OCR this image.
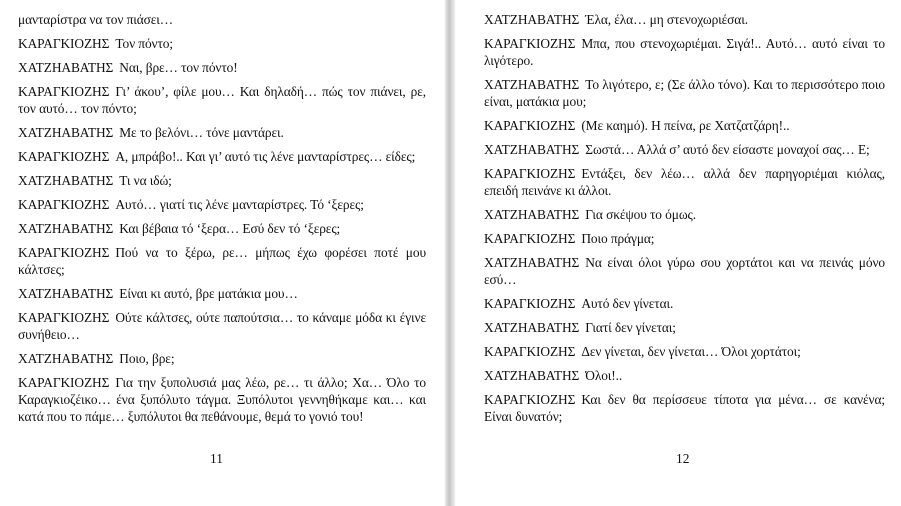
μανταρίστρα να τον πιάσει…

ΚΑΡΑΓΚΙΟΖΗΣ Τον πόντο;

ΧΑΤΖΗΑΒΑΤΗΣ Ναι, βρε… τον πόντο!

ΚΑΡΑΓΚΙΟΖΗΣ Γι’ άκου’, φίλε μου… Και δηλαδή… πώς τον πιάνει, ρε, τον αυτό… τον πόντο;

ΧΑΤΖΗΑΒΑΤΗΣ Με το βελόνι… τόνε μαντάρει.

ΚΑΡΑΓΚΙΟΖΗΣ Α, μπράβο!.. Και γι’ αυτό τις λένε μανταρίστρες… είδες;

ΧΑΤΖΗΑΒΑΤΗΣ Τι να ιδώ;

ΚΑΡΑΓΚΙΟΖΗΣ Αυτό… γιατί τις λένε μανταρίστρες. Τό ‘ξερες;

ΧΑΤΖΗΑΒΑΤΗΣ Και βέβαια τό ‘ξερα… Εσύ δεν τό ‘ξερες;

ΚΑΡΑΓΚΙΟΖΗΣ Πού να το ξέρω, ρε… μήπως έχω φορέσει ποτέ μου κάλτσες;

ΧΑΤΖΗΑΒΑΤΗΣ Είναι κι αυτό, βρε ματάκια μου…

ΚΑΡΑΓΚΙΟΖΗΣ Ούτε κάλτσες, ούτε παπούτσια… το κάναμε μόδα κι έγινε συνήθειο…

ΧΑΤΖΗΑΒΑΤΗΣ Ποιο, βρε;

ΚΑΡΑΓΚΙΟΖΗΣ Για την ξυπολυσιά μας λέω, ρε… τι άλλο; Χα… Όλο το Καραγκιοζέικο… ένα ξυπόλυτο τάγμα. Ξυπόλυτοι γεννηθήκαμε και… και κατά που το πάμε… ξυπόλυτοι θα πεθάνουμε, θεμά το γονιό του!

11

ΧΑΤΖΗΑΒΑΤΗΣ Έλα, έλα… μη στενοχωριέσαι.

ΚΑΡΑΓΚΙΟΖΗΣ Μπα, που στενοχωριέμαι. Σιγά!.. Αυτό… αυτό είναι το λιγότερο.

ΧΑΤΖΗΑΒΑΤΗΣ Το λιγότερο, ε; (Σε άλλο τόνο). Και το περισσότερο ποιο είναι, ματάκια μου;

ΚΑΡΑΓΚΙΟΖΗΣ (Με καημό). Η πείνα, ρε Χατζατζάρη!..

ΧΑΤΖΗΑΒΑΤΗΣ Σωστά… Αλλά σ’ αυτό δεν είσαστε μοναχοί σας… Ε;

ΚΑΡΑΓΚΙΟΖΗΣ Εντάξει, δεν λέω… αλλά δεν παρηγοριέμαι κιόλας, επειδή πεινάνε κι άλλοι.

ΧΑΤΖΗΑΒΑΤΗΣ Για σκέψου το όμως.

ΚΑΡΑΓΚΙΟΖΗΣ Ποιο πράγμα;

ΧΑΤΖΗΑΒΑΤΗΣ Να είναι όλοι γύρω σου χορτάτοι και να πεινάς μόνο εσύ…

ΚΑΡΑΓΚΙΟΖΗΣ Αυτό δεν γίνεται.

ΧΑΤΖΗΑΒΑΤΗΣ Γιατί δεν γίνεται;

ΚΑΡΑΓΚΙΟΖΗΣ Δεν γίνεται, δεν γίνεται… Όλοι χορτάτοι;

ΧΑΤΖΗΑΒΑΤΗΣ Όλοι!..

ΚΑΡΑΓΚΙΟΖΗΣ Και δεν θα περίσσευε τίποτα για μένα… σε κανένα; Είναι δυνατόν;

12
